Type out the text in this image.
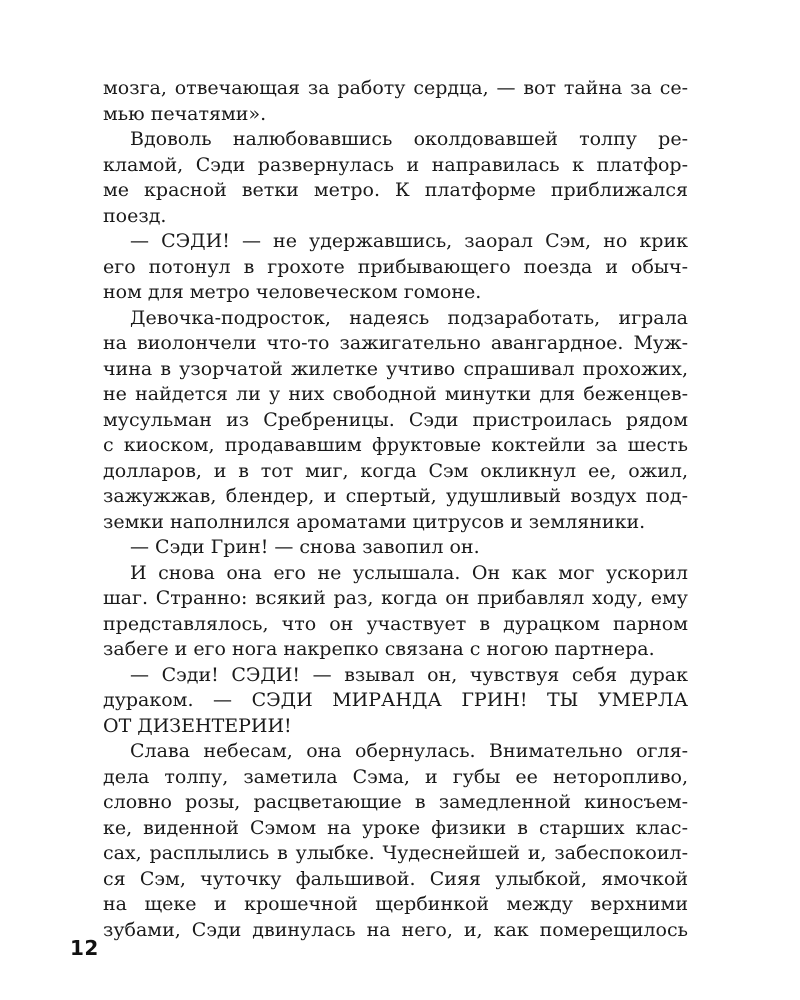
мозга, отвечающая за работу сердца, — вот тайна за се-
мью печатями».
Вдоволь налюбовавшись околдовавшей толпу ре-
кламой, Сэди развернулась и направилась к платфор-
ме красной ветки метро. К платформе приближался
поезд.
— СЭДИ! — не удержавшись, заорал Сэм, но крик
его потонул в грохоте прибывающего поезда и обыч-
ном для метро человеческом гомоне.
Девочка-подросток, надеясь подзаработать, играла
на виолончели что-то зажигательно авангардное. Муж-
чина в узорчатой жилетке учтиво спрашивал прохожих,
не найдется ли у них свободной минутки для беженцев-
мусульман из Сребреницы. Сэди пристроилась рядом
с киоском, продававшим фруктовые коктейли за шесть
долларов, и в тот миг, когда Сэм окликнул ее, ожил,
зажужжав, блендер, и спертый, удушливый воздух под-
земки наполнился ароматами цитрусов и земляники.
— Сэди Грин! — снова завопил он.
И снова она его не услышала. Он как мог ускорил
шаг. Странно: всякий раз, когда он прибавлял ходу, ему
представлялось, что он участвует в дурацком парном
забеге и его нога накрепко связана с ногою партнера.
— Сэди! СЭДИ! — взывал он, чувствуя себя дурак
дураком. — СЭДИ МИРАНДА ГРИН! ТЫ УМЕРЛА
ОТ ДИЗЕНТЕРИИ!
Слава небесам, она обернулась. Внимательно огля-
дела толпу, заметила Сэма, и губы ее неторопливо,
словно розы, расцветающие в замедленной киносъем-
ке, виденной Сэмом на уроке физики в старших клас-
сах, расплылись в улыбке. Чудеснейшей и, забеспокоил-
ся Сэм, чуточку фальшивой. Сияя улыбкой, ямочкой
на щеке и крошечной щербинкой между верхними
зубами, Сэди двинулась на него, и, как померещилось
12
